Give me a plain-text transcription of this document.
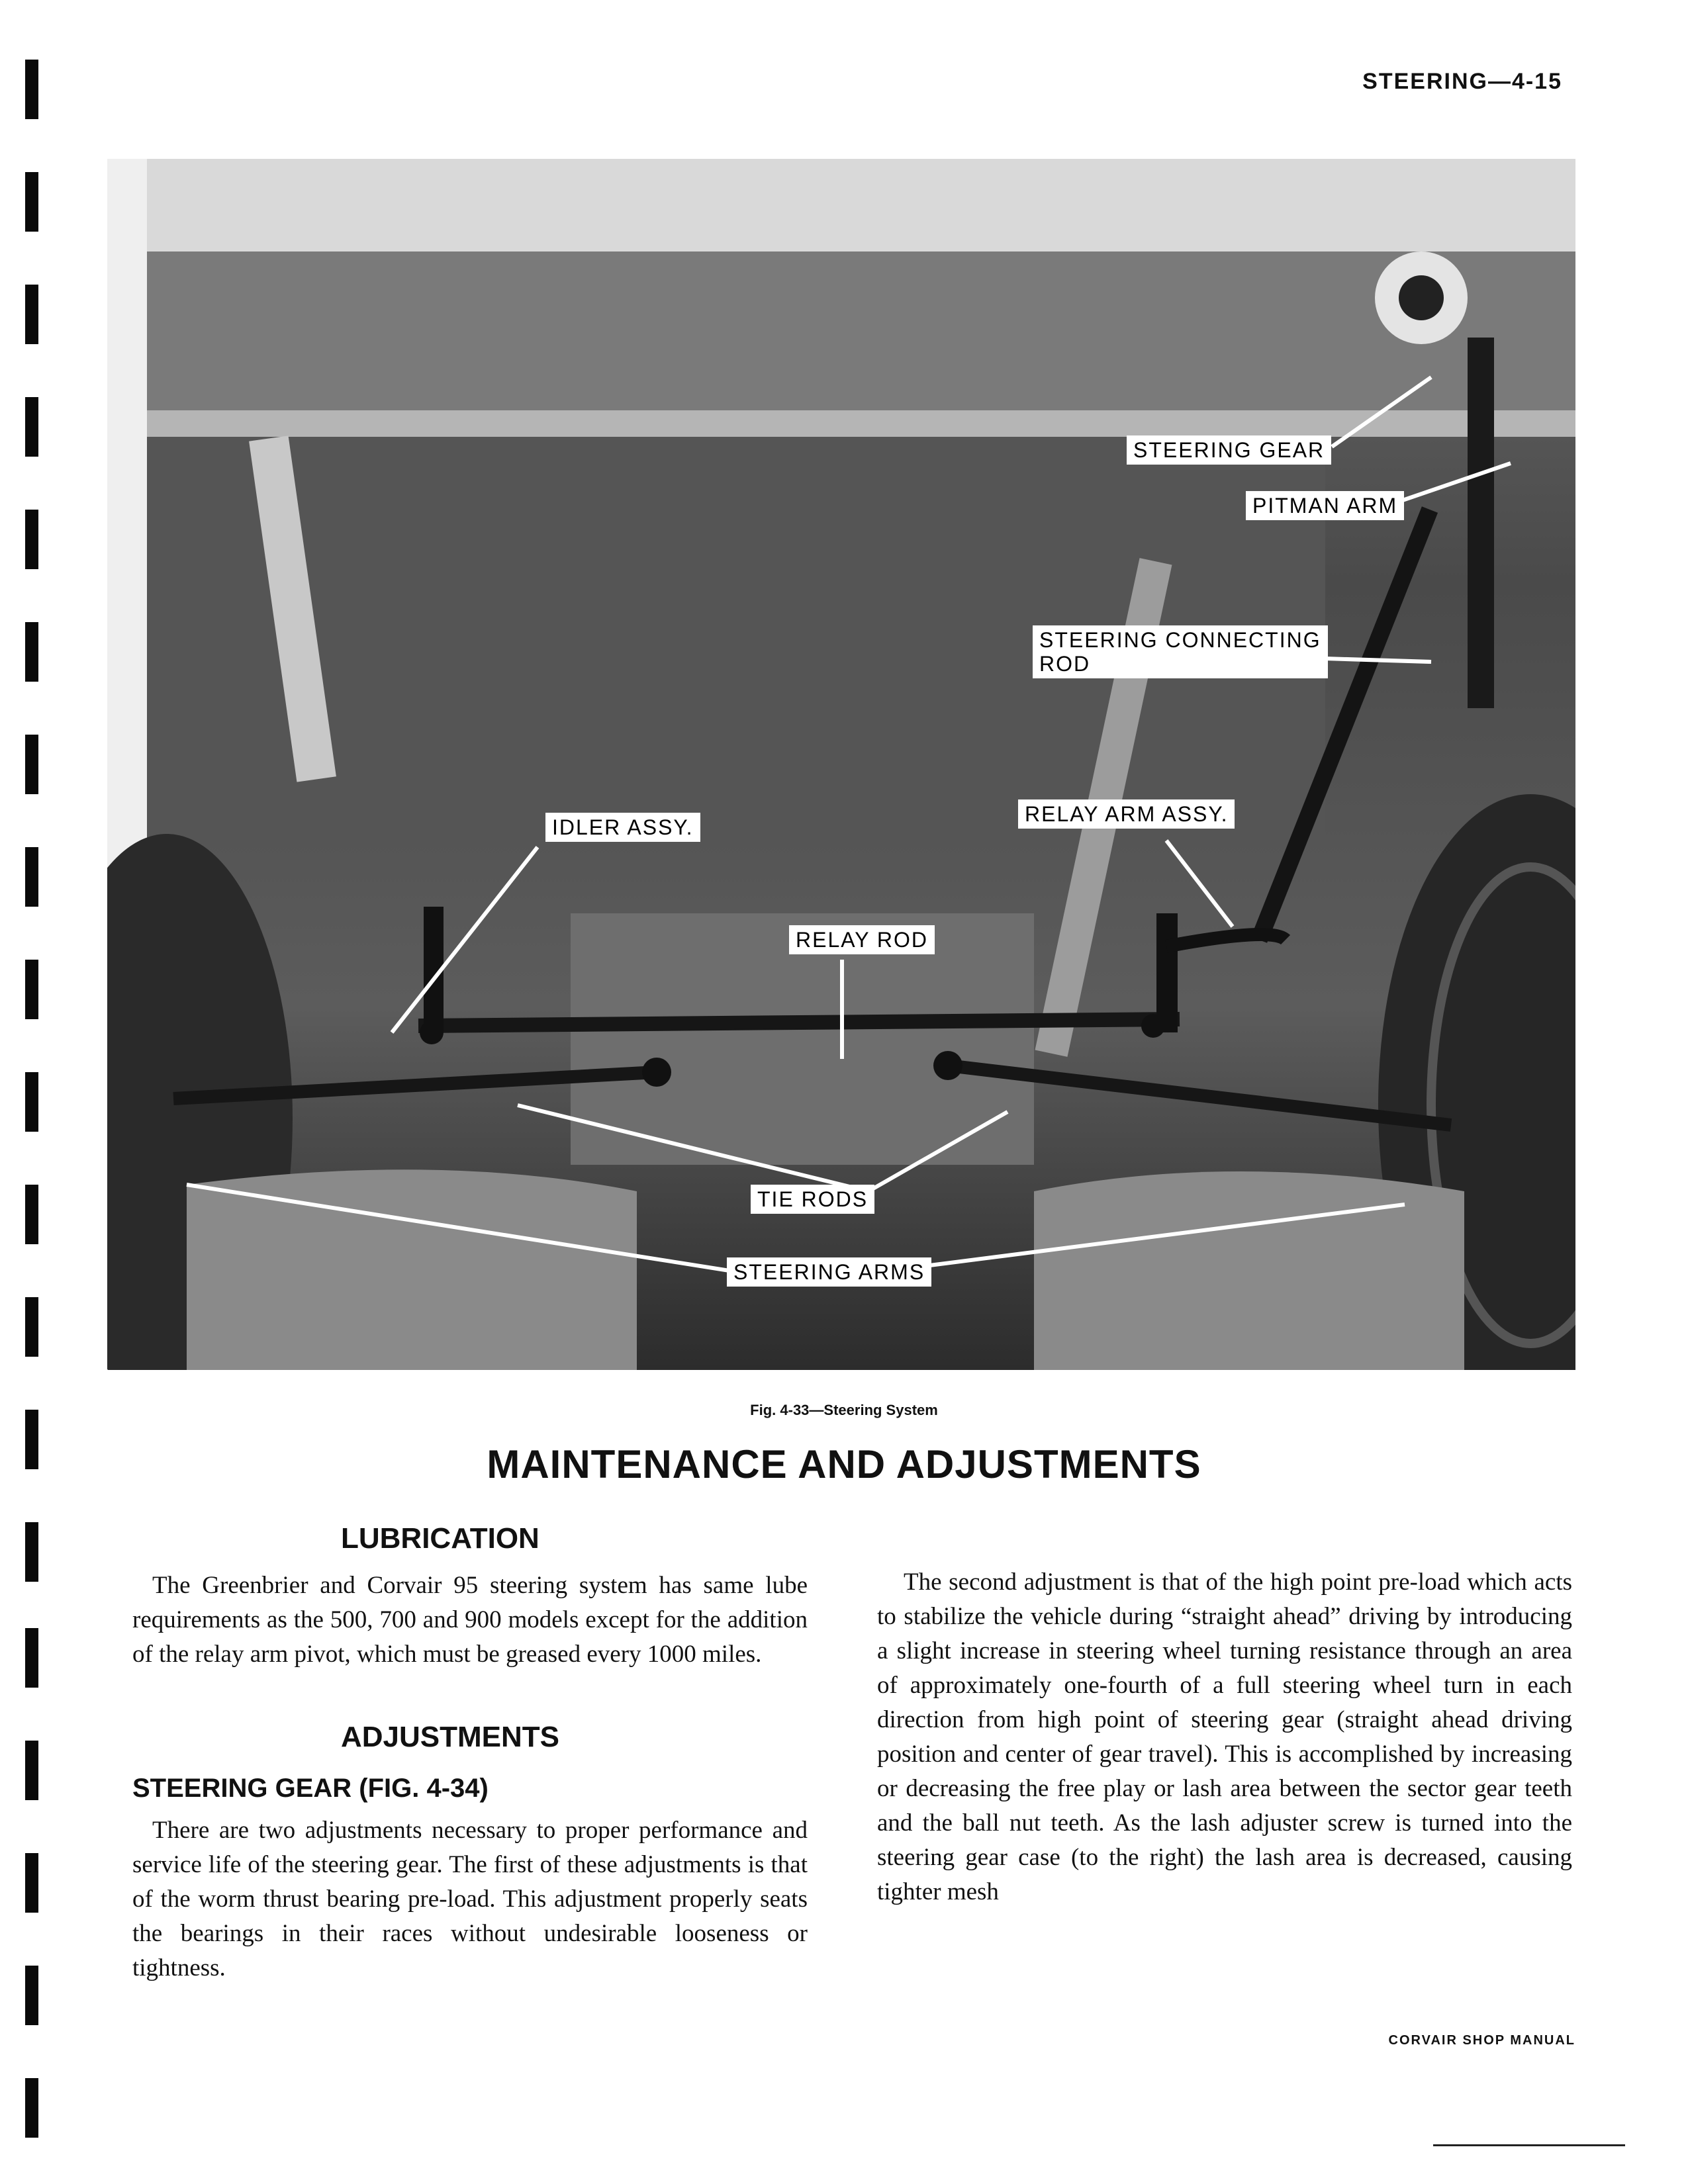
STEERING—4-15
STEERING GEAR
PITMAN ARM
STEERING CONNECTING
ROD
IDLER ASSY.
RELAY ARM ASSY.
RELAY ROD
TIE RODS
STEERING ARMS
Fig. 4-33—Steering System
MAINTENANCE AND ADJUSTMENTS
LUBRICATION
The Greenbrier and Corvair 95 steering system has same lube requirements as the 500, 700 and 900 models except for the addition of the relay arm pivot, which must be greased every 1000 miles.
ADJUSTMENTS
STEERING GEAR (FIG. 4-34)
There are two adjustments necessary to proper performance and service life of the steering gear. The first of these adjustments is that of the worm thrust bearing pre-load. This adjustment properly seats the bearings in their races without undesirable looseness or tightness.
The second adjustment is that of the high point pre-load which acts to stabilize the vehicle during “straight ahead” driving by introducing a slight increase in steering wheel turning resistance through an area of approximately one-fourth of a full steering wheel turn in each direction from high point of steering gear (straight ahead driving position and center of gear travel). This is accomplished by increasing or decreasing the free play or lash area between the sector gear teeth and the ball nut teeth. As the lash adjuster screw is turned into the steering gear case (to the right) the lash area is decreased, causing tighter mesh
CORVAIR SHOP MANUAL
